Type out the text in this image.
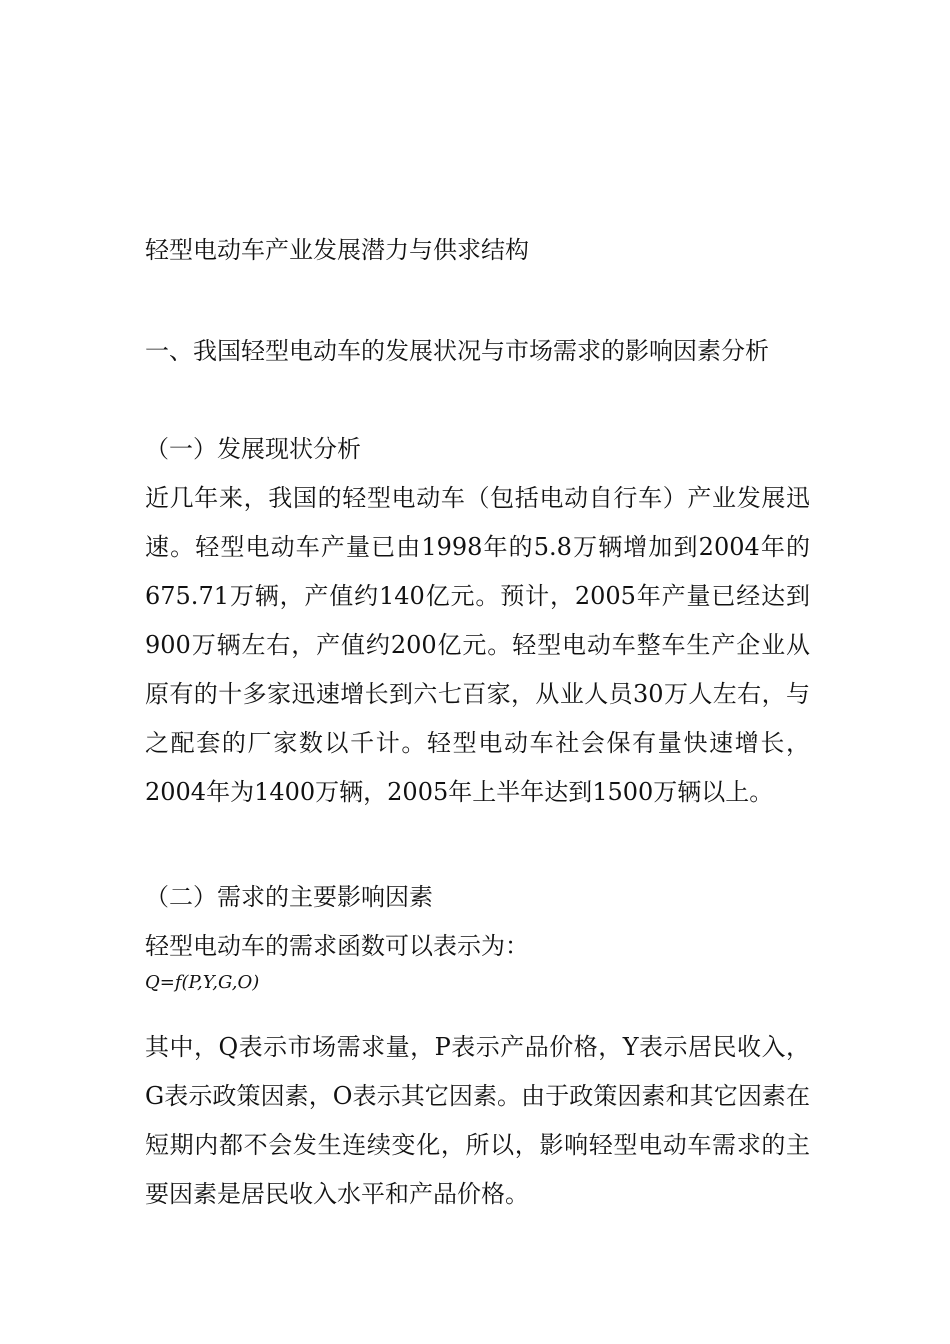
轻型电动车产业发展潜力与供求结构

一、我国轻型电动车的发展状况与市场需求的影响因素分析

（一）发展现状分析

近几年来，我国的轻型电动车（包括电动自行车）产业发展迅速。轻型电动车产量已由1998年的5.8万辆增加到2004年的675.71万辆，产值约140亿元。预计，2005年产量已经达到900万辆左右，产值约200亿元。轻型电动车整车生产企业从原有的十多家迅速增长到六七百家，从业人员30万人左右，与之配套的厂家数以千计。轻型电动车社会保有量快速增长，2004年为1400万辆，2005年上半年达到1500万辆以上。

（二）需求的主要影响因素

轻型电动车的需求函数可以表示为：

Q=f(P,Y,G,O)

其中，Q表示市场需求量，P表示产品价格，Y表示居民收入，G表示政策因素，O表示其它因素。由于政策因素和其它因素在短期内都不会发生连续变化，所以，影响轻型电动车需求的主要因素是居民收入水平和产品价格。
